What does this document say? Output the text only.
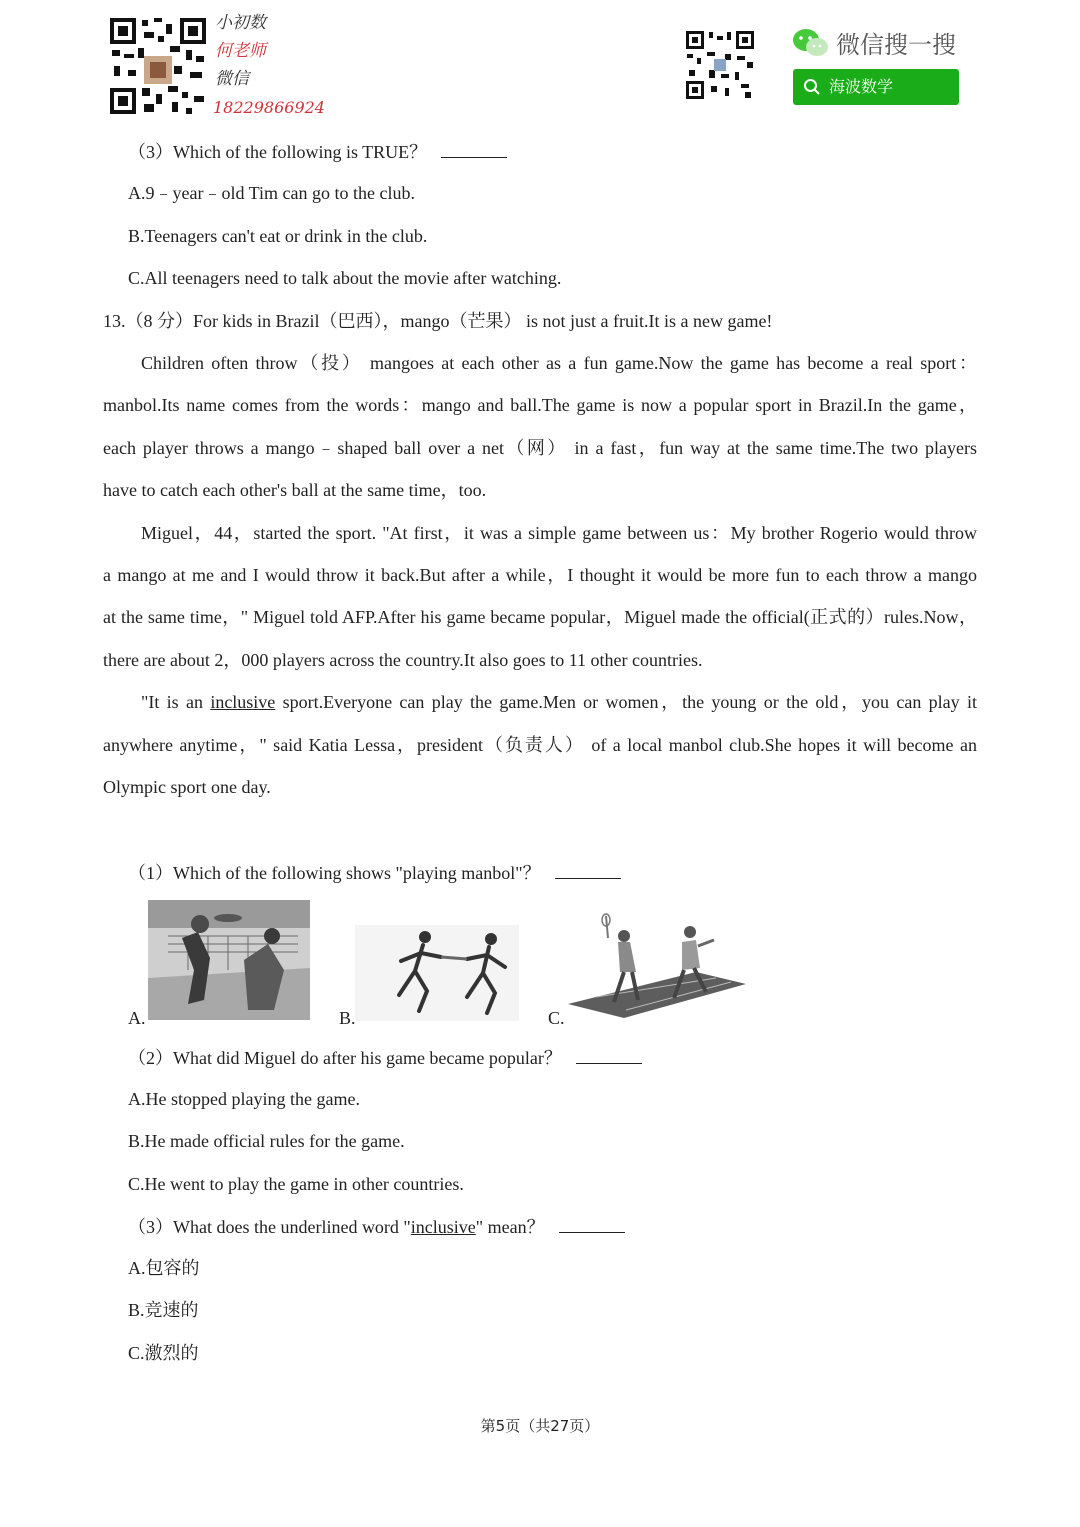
小初数
何老师
微信
18229866924
微信搜一搜
海波数学
（3）Which of the following is TRUE？
A.9﹣year﹣old Tim can go to the club.
B.Teenagers can't eat or drink in the club.
C.All teenagers need to talk about the movie after watching.
13.（8 分）For kids in Brazil（巴西），mango（芒果） is not just a fruit.It is a new game!
Children often throw（投） mangoes at each other as a fun game.Now the game has become a real sport：
manbol.Its name comes from the words：mango and ball.The game is now a popular sport in Brazil.In the game，
each player throws a mango﹣shaped ball over a net（网） in a fast，fun way at the same time.The two players
have to catch each other's ball at the same time，too.
Miguel，44，started the sport. "At first，it was a simple game between us：My brother Rogerio would throw
a mango at me and I would throw it back.But after a while，I thought it would be more fun to each throw a mango
at the same time，" Miguel told AFP.After his game became popular，Miguel made the official(正式的）rules.Now，
there are about 2，000 players across the country.It also goes to 11 other countries.
"It is an inclusive sport.Everyone can play the game.Men or women，the young or the old，you can play it
anywhere anytime，" said Katia Lessa，president（负责人） of a local manbol club.She hopes it will become an
Olympic sport one day.
（1）Which of the following shows "playing manbol"？
A.	B.	C.
（2）What did Miguel do after his game became popular？
A.He stopped playing the game.
B.He made official rules for the game.
C.He went to play the game in other countries.
（3）What does the underlined word "inclusive" mean？
A.包容的
B.竞速的
C.激烈的
第5页（共27页）
